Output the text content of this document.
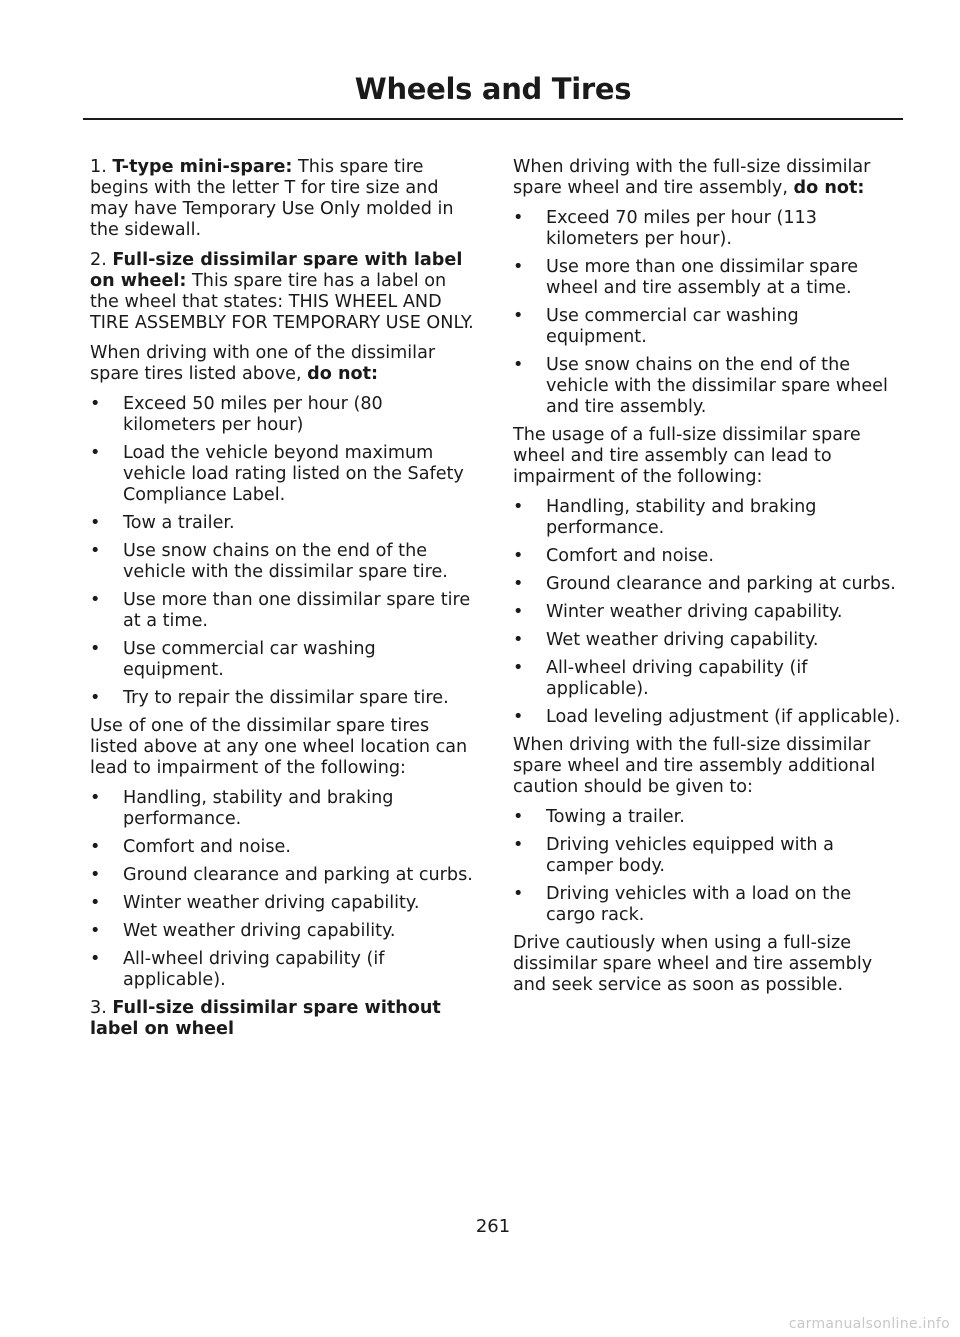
Wheels and Tires

1. T-type mini-spare: This spare tire begins with the letter T for tire size and may have Temporary Use Only molded in the sidewall.

2. Full-size dissimilar spare with label on wheel: This spare tire has a label on the wheel that states: THIS WHEEL AND TIRE ASSEMBLY FOR TEMPORARY USE ONLY.

When driving with one of the dissimilar spare tires listed above, do not:

• Exceed 50 miles per hour (80 kilometers per hour)
• Load the vehicle beyond maximum vehicle load rating listed on the Safety Compliance Label.
• Tow a trailer.
• Use snow chains on the end of the vehicle with the dissimilar spare tire.
• Use more than one dissimilar spare tire at a time.
• Use commercial car washing equipment.
• Try to repair the dissimilar spare tire.

Use of one of the dissimilar spare tires listed above at any one wheel location can lead to impairment of the following:

• Handling, stability and braking performance.
• Comfort and noise.
• Ground clearance and parking at curbs.
• Winter weather driving capability.
• Wet weather driving capability.
• All-wheel driving capability (if applicable).

3. Full-size dissimilar spare without label on wheel

When driving with the full-size dissimilar spare wheel and tire assembly, do not:

• Exceed 70 miles per hour (113 kilometers per hour).
• Use more than one dissimilar spare wheel and tire assembly at a time.
• Use commercial car washing equipment.
• Use snow chains on the end of the vehicle with the dissimilar spare wheel and tire assembly.

The usage of a full-size dissimilar spare wheel and tire assembly can lead to impairment of the following:

• Handling, stability and braking performance.
• Comfort and noise.
• Ground clearance and parking at curbs.
• Winter weather driving capability.
• Wet weather driving capability.
• All-wheel driving capability (if applicable).
• Load leveling adjustment (if applicable).

When driving with the full-size dissimilar spare wheel and tire assembly additional caution should be given to:

• Towing a trailer.
• Driving vehicles equipped with a camper body.
• Driving vehicles with a load on the cargo rack.

Drive cautiously when using a full-size dissimilar spare wheel and tire assembly and seek service as soon as possible.

261
carmanualsonline.info
